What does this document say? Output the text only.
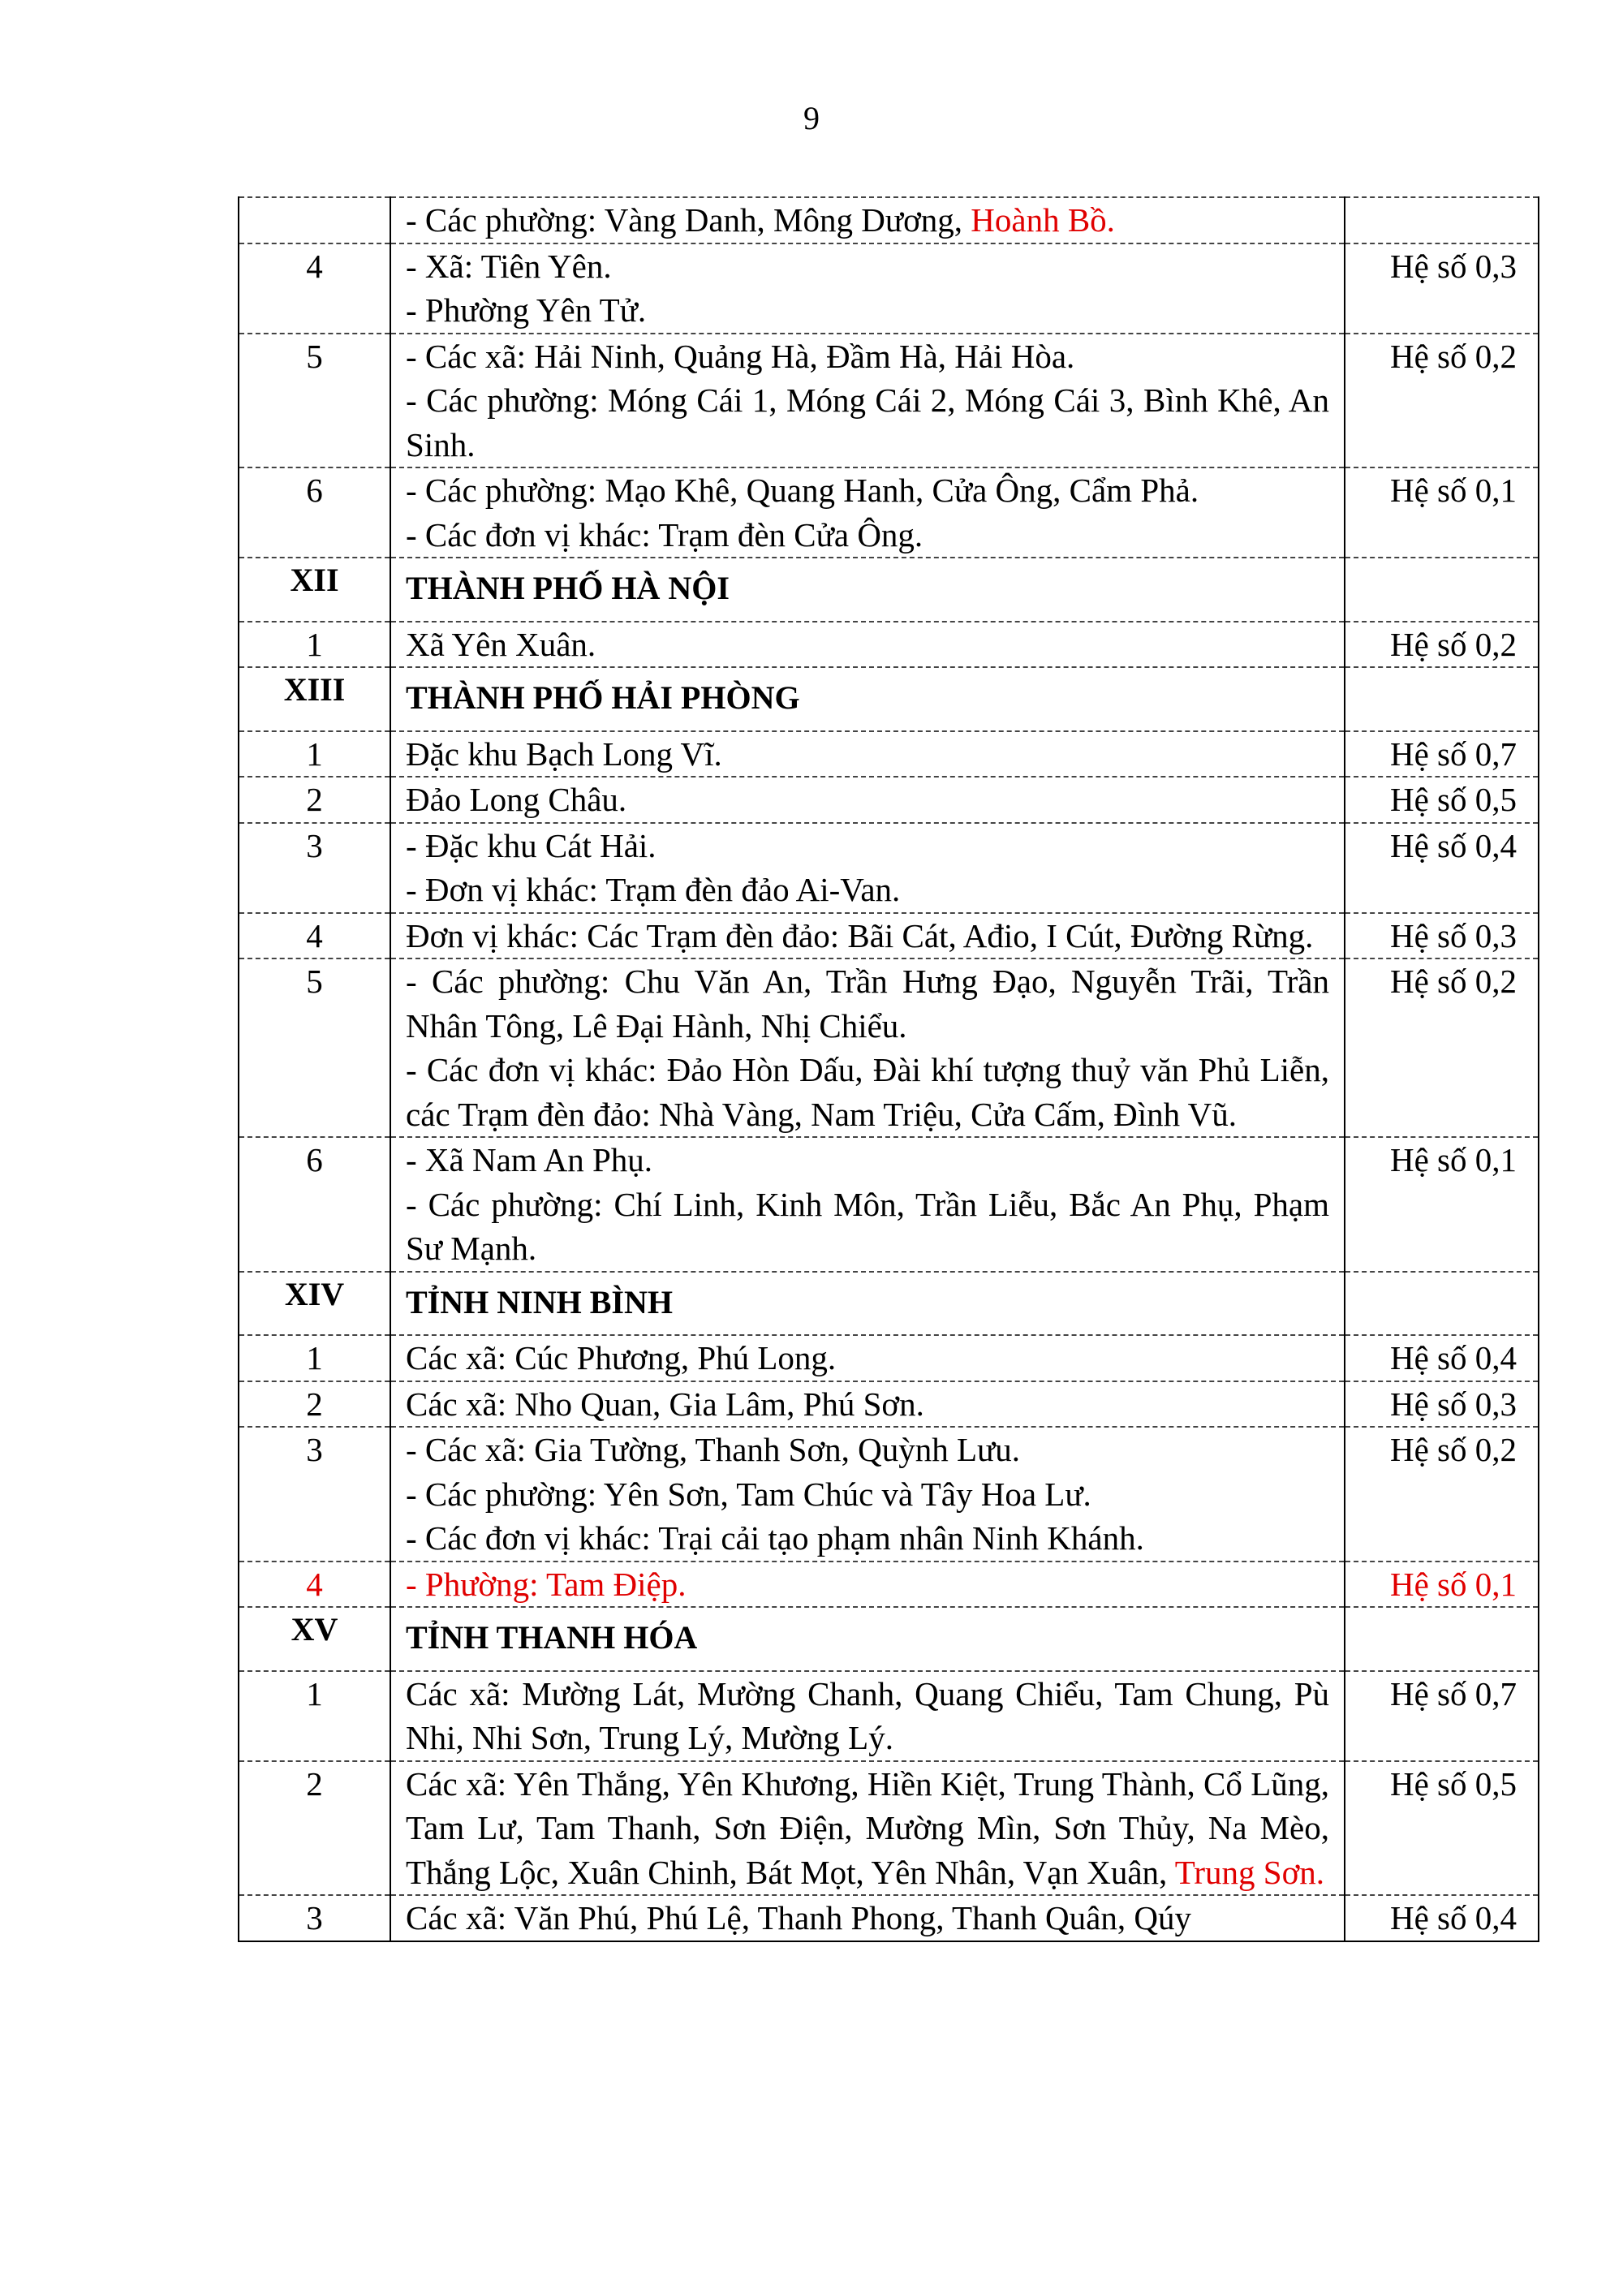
9

	- Các phường: Vàng Danh, Mông Dương, Hoành Bồ.	

4	- Xã: Tiên Yên.
- Phường Yên Tử.	Hệ số 0,3
5	- Các xã: Hải Ninh, Quảng Hà, Đầm Hà, Hải Hòa.
- Các phường: Móng Cái 1, Móng Cái 2, Móng Cái 3, Bình Khê, An Sinh.	Hệ số 0,2
6	- Các phường: Mạo Khê, Quang Hanh, Cửa Ông, Cẩm Phả.
- Các đơn vị khác: Trạm đèn Cửa Ông.	Hệ số 0,1
XII	THÀNH PHỐ HÀ NỘI	
1	Xã Yên Xuân.	Hệ số 0,2
XIII	THÀNH PHỐ HẢI PHÒNG	
1	Đặc khu Bạch Long Vĩ.	Hệ số 0,7
2	Đảo Long Châu.	Hệ số 0,5
3	- Đặc khu Cát Hải.
- Đơn vị khác: Trạm đèn đảo Ai-Van.	Hệ số 0,4
4	Đơn vị khác: Các Trạm đèn đảo: Bãi Cát, Ađio, I Cút, Đường Rừng.	Hệ số 0,3
5	- Các phường: Chu Văn An, Trần Hưng Đạo, Nguyễn Trãi, Trần Nhân Tông, Lê Đại Hành, Nhị Chiểu.
- Các đơn vị khác: Đảo Hòn Dấu, Đài khí tượng thuỷ văn Phủ Liễn, các Trạm đèn đảo: Nhà Vàng, Nam Triệu, Cửa Cấm, Đình Vũ.	Hệ số 0,2
6	- Xã Nam An Phụ.
- Các phường: Chí Linh, Kinh Môn, Trần Liễu, Bắc An Phụ, Phạm Sư Mạnh.	Hệ số 0,1
XIV	TỈNH NINH BÌNH	
1	Các xã: Cúc Phương, Phú Long.	Hệ số 0,4
2	Các xã: Nho Quan, Gia Lâm, Phú Sơn.	Hệ số 0,3
3	- Các xã: Gia Tường, Thanh Sơn, Quỳnh Lưu.
- Các phường: Yên Sơn, Tam Chúc và Tây Hoa Lư.
- Các đơn vị khác: Trại cải tạo phạm nhân Ninh Khánh.	Hệ số 0,2
4	- Phường: Tam Điệp.	Hệ số 0,1
XV	TỈNH THANH HÓA	
1	Các xã: Mường Lát, Mường Chanh, Quang Chiểu, Tam Chung, Pù Nhi, Nhi Sơn, Trung Lý, Mường Lý.	Hệ số 0,7
2	Các xã: Yên Thắng, Yên Khương, Hiền Kiệt, Trung Thành, Cổ Lũng, Tam Lư, Tam Thanh, Sơn Điện, Mường Mìn, Sơn Thủy, Na Mèo, Thắng Lộc, Xuân Chinh, Bát Mọt, Yên Nhân, Vạn Xuân, Trung Sơn.	Hệ số 0,5
3	Các xã: Văn Phú, Phú Lệ, Thanh Phong, Thanh Quân, Qúy	Hệ số 0,4
